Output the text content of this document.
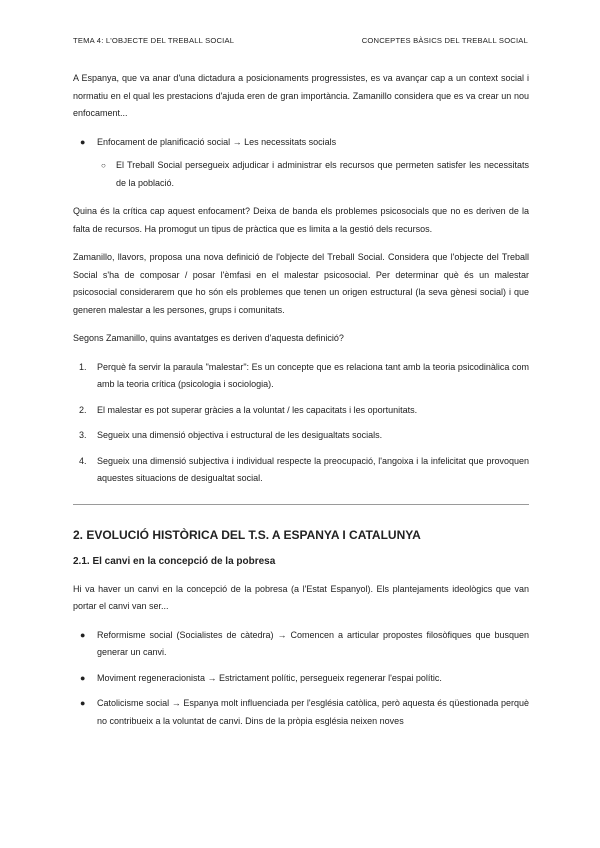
TEMA 4: L'OBJECTE DEL TREBALL SOCIAL	CONCEPTES BÀSICS DEL TREBALL SOCIAL

A Espanya, que va anar d'una dictadura a posicionaments progressistes, es va avançar cap a un context social i normatiu en el qual les prestacions d'ajuda eren de gran importància. Zamanillo considera que es va crear un nou enfocament...

● Enfocament de planificació social → Les necessitats socials
○ El Treball Social persegueix adjudicar i administrar els recursos que permeten satisfer les necessitats de la població.

Quina és la crítica cap aquest enfocament? Deixa de banda els problemes psicosocials que no es deriven de la falta de recursos. Ha promogut un tipus de pràctica que es limita a la gestió dels recursos.

Zamanillo, llavors, proposa una nova definició de l'objecte del Treball Social. Considera que l'objecte del Treball Social s'ha de composar / posar l'èmfasi en el malestar psicosocial. Per determinar què és un malestar psicosocial considerarem que ho són els problemes que tenen un origen estructural (la seva gènesi social) i que generen malestar a les persones, grups i comunitats.

Segons Zamanillo, quins avantatges es deriven d'aquesta definició?

1. Perquè fa servir la paraula "malestar": Es un concepte que es relaciona tant amb la teoria psicodinàlica com amb la teoria crítica (psicologia i sociologia).
2. El malestar es pot superar gràcies a la voluntat / les capacitats i les oportunitats.
3. Segueix una dimensió objectiva i estructural de les desigualtats socials.
4. Segueix una dimensió subjectiva i individual respecte la preocupació, l'angoixa i la infelicitat que provoquen aquestes situacions de desigualtat social.
2. EVOLUCIÓ HISTÒRICA DEL T.S. A ESPANYA I CATALUNYA
2.1. El canvi en la concepció de la pobresa

Hi va haver un canvi en la concepció de la pobresa (a l'Estat Espanyol). Els plantejaments ideològics que van portar el canvi van ser...

● Reformisme social (Socialistes de càtedra) → Comencen a articular propostes filosòfiques que busquen generar un canvi.
● Moviment regeneracionista → Estrictament polític, persegueix regenerar l'espai polític.
● Catolicisme social → Espanya molt influenciada per l'església catòlica, però aquesta és qüestionada perquè no contribueix a la voluntat de canvi. Dins de la pròpia església neixen noves
